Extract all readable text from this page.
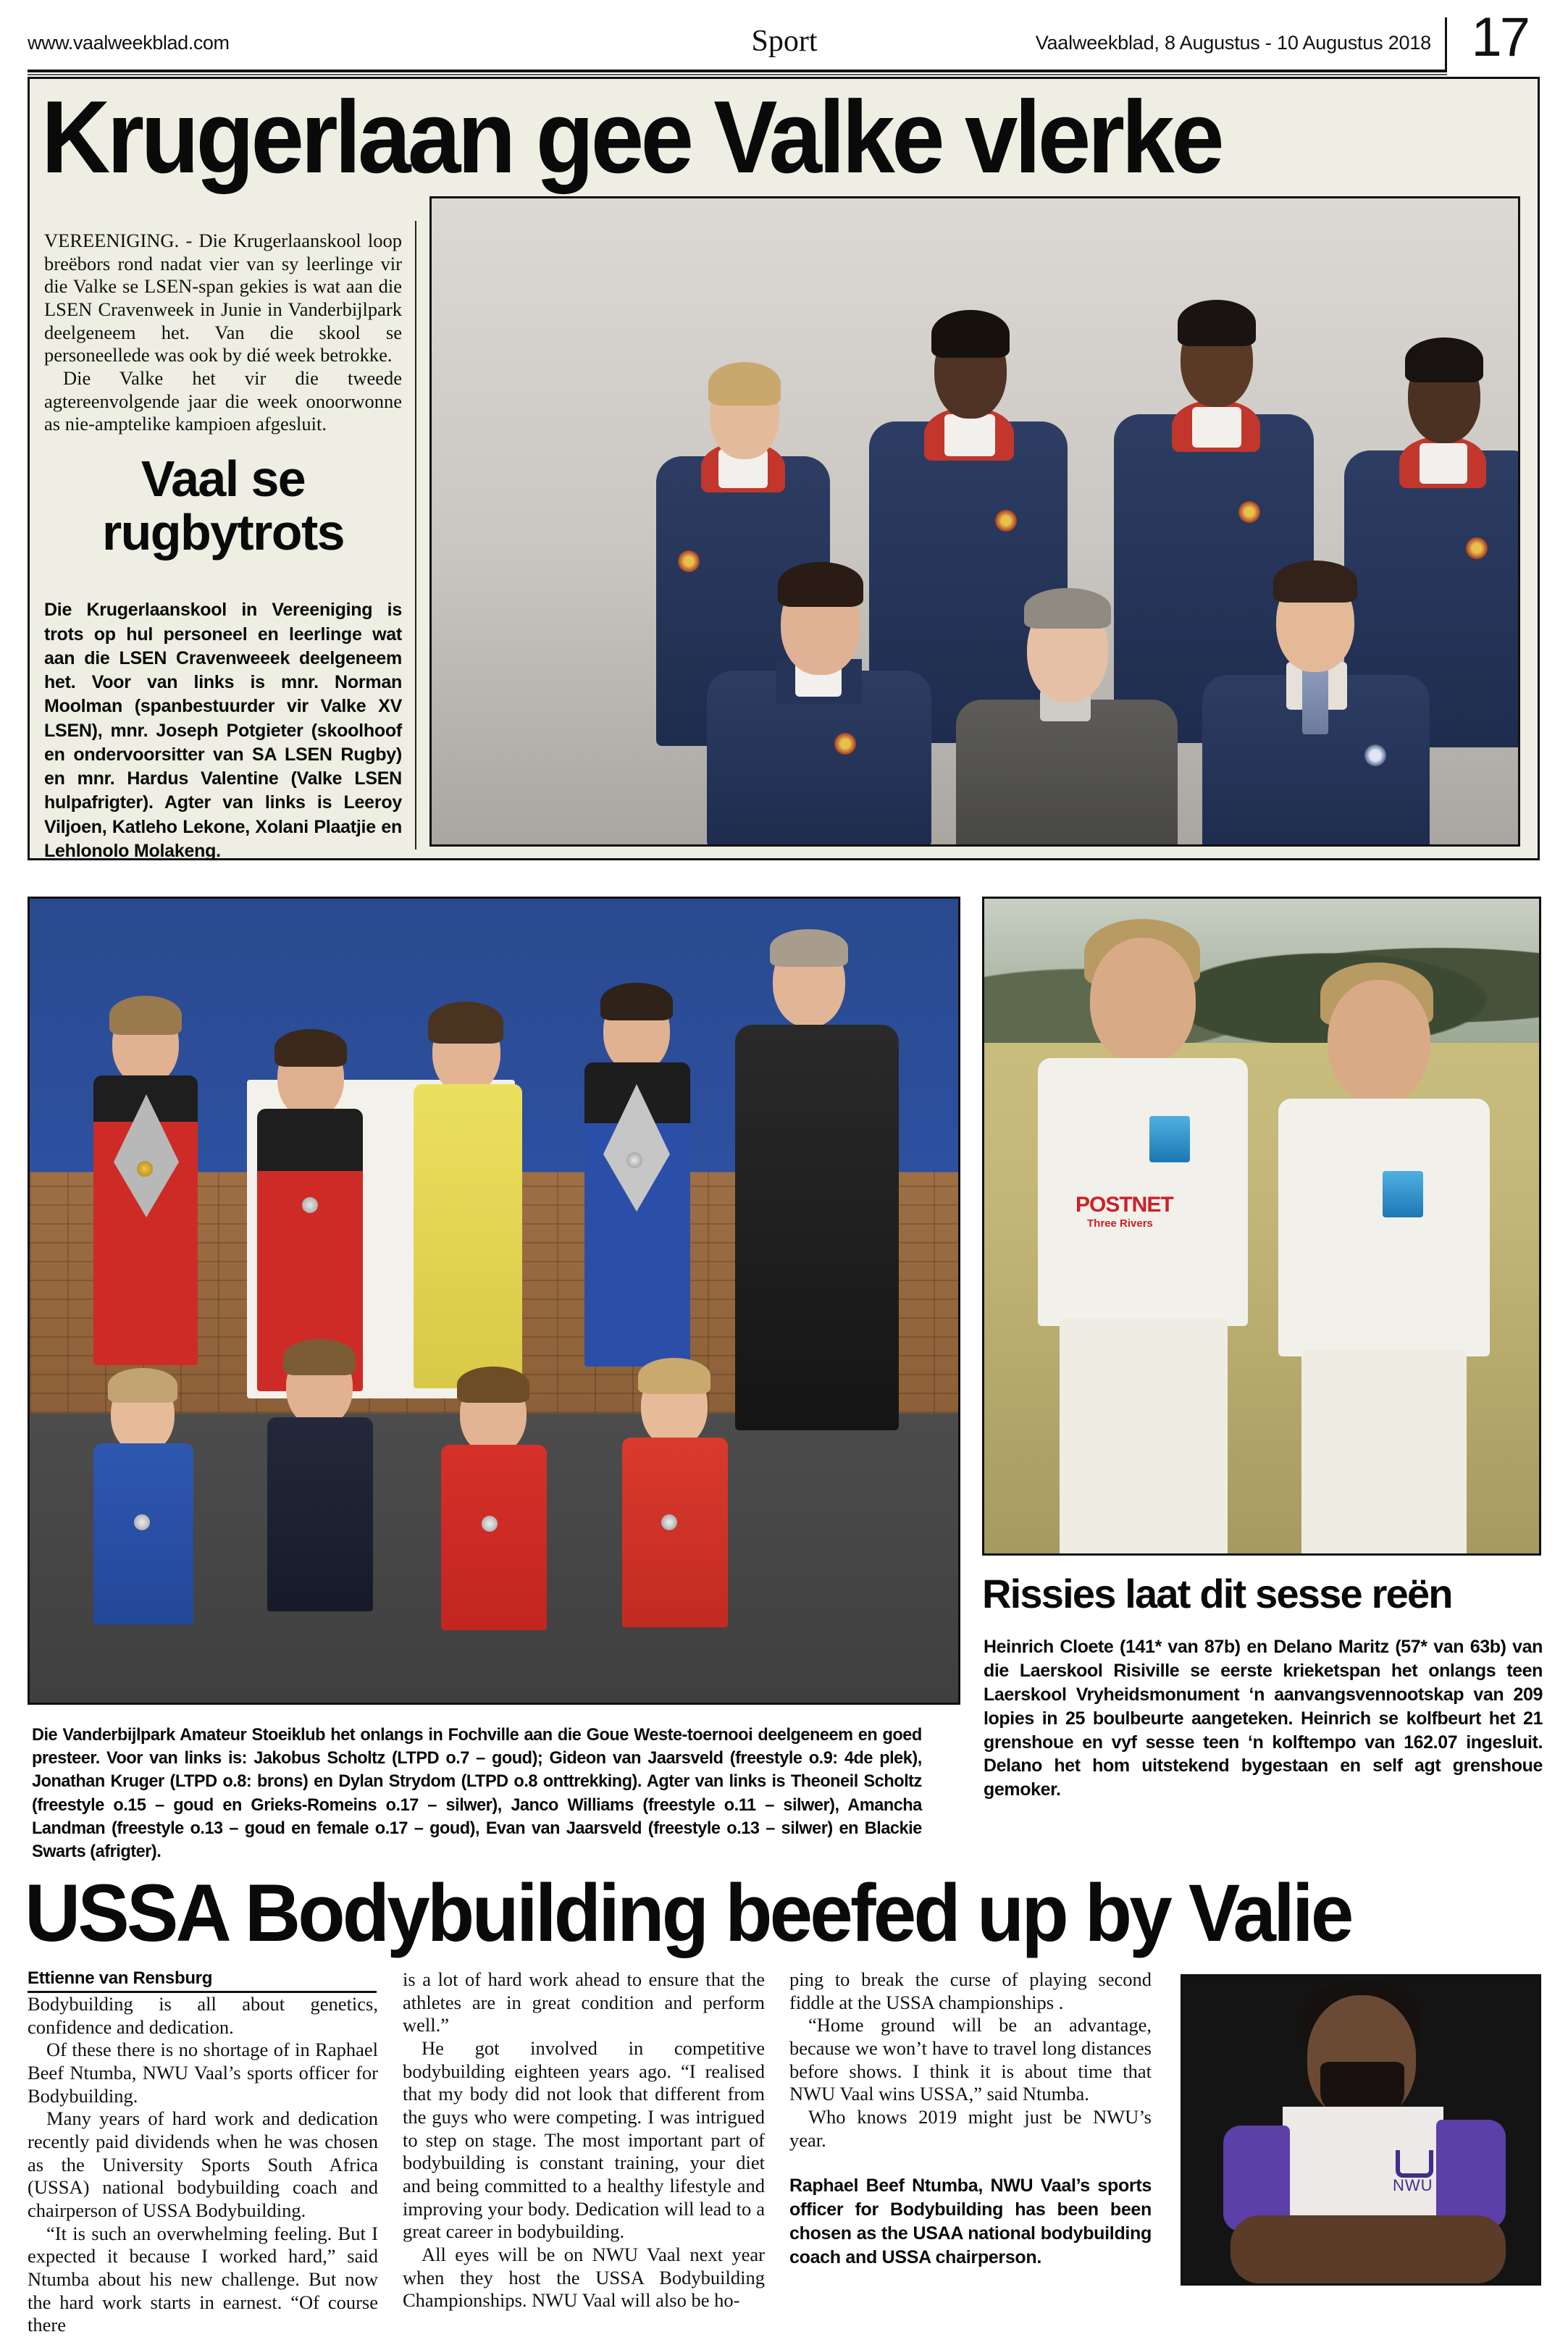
www.vaalweekblad.com	Sport	Vaalweekblad, 8 Augustus - 10 Augustus 2018 17
Krugerlaan gee Valke vlerke
VEREENIGING. - Die Krugerlaanskool loop breëbors rond nadat vier van sy leerlinge vir die Valke se LSEN-span gekies is wat aan die LSEN Cravenweek in Junie in Vanderbijlpark deelgeneem het. Van die skool se personeellede was ook by dié week betrokke.
Die Valke het vir die tweede agtereenvolgende jaar die week onoorwonne as nie-amptelike kampioen afgesluit.
Vaal se
rugbytrots
Die Krugerlaanskool in Vereeniging is trots op hul personeel en leerlinge wat aan die LSEN Cravenweeek deelgeneem het. Voor van links is mnr. Norman Moolman (spanbestuurder vir Valke XV LSEN), mnr. Joseph Potgieter (skoolhoof en ondervoorsitter van SA LSEN Rugby) en mnr. Hardus Valentine (Valke LSEN hulpafrigter). Agter van links is Leeroy Viljoen, Katleho Lekone, Xolani Plaatjie en Lehlonolo Molakeng.
Die Vanderbijlpark Amateur Stoeiklub het onlangs in Fochville aan die Goue Weste-toernooi deelgeneem en goed presteer. Voor van links is: Jakobus Scholtz (LTPD o.7 – goud); Gideon van Jaarsveld (freestyle o.9: 4de plek), Jonathan Kruger (LTPD o.8: brons) en Dylan Strydom (LTPD o.8 onttrekking). Agter van links is Theoneil Scholtz (freestyle o.15 – goud en Grieks-Romeins o.17 – silwer), Janco Williams (freestyle o.11 – silwer), Amancha Landman (freestyle o.13 – goud en female o.17 – goud), Evan van Jaarsveld (freestyle o.13 – silwer) en Blackie Swarts (afrigter).
POSTNET
Three Rivers
Rissies laat dit sesse reën
Heinrich Cloete (141* van 87b) en Delano Maritz (57* van 63b) van die Laerskool Risiville se eerste krieketspan het onlangs teen Laerskool Vryheidsmonument ‘n aanvangsvennootskap van 209 lopies in 25 boulbeurte aangeteken. Heinrich se kolfbeurt het 21 grenshoue en vyf sesse teen ‘n kolftempo van 162.07 ingesluit. Delano het hom uitstekend bygestaan en self agt grenshoue gemoker.
USSA Bodybuilding beefed up by Valie
Ettienne van Rensburg

Bodybuilding is all about genetics, confidence and dedication.

Of these there is no shortage of in Raphael Beef Ntumba, NWU Vaal’s sports officer for Bodybuilding.

Many years of hard work and dedication recently paid dividends when he was chosen as the University Sports South Africa (USSA) national bodybuilding coach and chairperson of USSA Bodybuilding.

“It is such an overwhelming feeling. But I expected it because I worked hard,” said Ntumba about his new challenge. But now the hard work starts in earnest. “Of course there

is a lot of hard work ahead to ensure that the athletes are in great condition and perform well.”

He got involved in competitive bodybuilding eighteen years ago. “I realised that my body did not look that different from the guys who were competing. I was intrigued to step on stage. The most important part of bodybuilding is constant training, your diet and being committed to a healthy lifestyle and improving your body. Dedication will lead to a great career in bodybuilding.

All eyes will be on NWU Vaal next year when they host the USSA Bodybuilding Championships. NWU Vaal will also be ho-

ping to break the curse of playing second fiddle at the USSA championships .

“Home ground will be an advantage, because we won’t have to travel long distances before shows. I think it is about time that NWU Vaal wins USSA,” said Ntumba.

Who knows 2019 might just be NWU’s year.

Raphael Beef Ntumba, NWU Vaal’s sports officer for Bodybuilding has been been chosen as the USAA national bodybuilding coach and USSA chairperson.
NWU
